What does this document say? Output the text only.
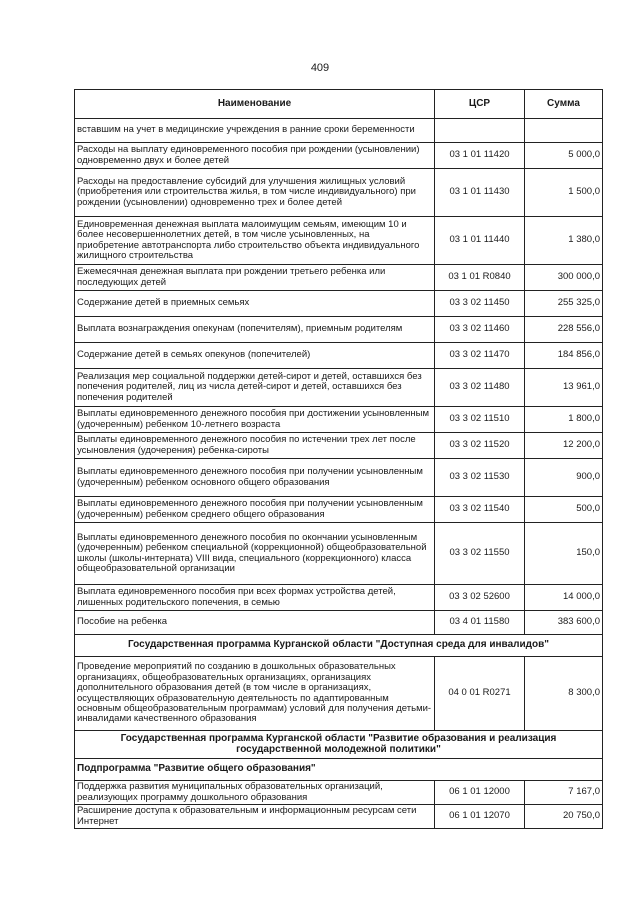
409
Наименование	ЦСР	Сумма
вставшим на учет в медицинские учреждения в ранние сроки беременности		
Расходы на выплату единовременного пособия при рождении (усыновлении) одновременно двух и более детей	03 1 01 11420	5 000,0
Расходы на предоставление субсидий для улучшения жилищных условий (приобретения или строительства жилья, в том числе индивидуального) при рождении (усыновлении) одновременно трех и более детей	03 1 01 11430	1 500,0
Единовременная денежная выплата малоимущим семьям, имеющим 10 и более несовершеннолетних детей, в том числе усыновленных, на приобретение автотранспорта либо строительство объекта индивидуального жилищного строительства	03 1 01 11440	1 380,0
Ежемесячная денежная выплата при рождении третьего ребенка или последующих детей	03 1 01 R0840	300 000,0
Содержание детей в приемных семьях	03 3 02 11450	255 325,0
Выплата вознаграждения опекунам (попечителям), приемным родителям	03 3 02 11460	228 556,0
Содержание детей в семьях опекунов (попечителей)	03 3 02 11470	184 856,0
Реализация мер социальной поддержки детей-сирот и детей, оставшихся без попечения родителей, лиц из числа детей-сирот и детей, оставшихся без попечения родителей	03 3 02 11480	13 961,0
Выплаты единовременного денежного пособия при достижении усыновленным (удочеренным) ребенком 10-летнего возраста	03 3 02 11510	1 800,0
Выплаты единовременного денежного пособия по истечении трех лет после усыновления (удочерения) ребенка-сироты	03 3 02 11520	12 200,0
Выплаты единовременного денежного пособия при получении усыновленным (удочеренным) ребенком основного общего образования	03 3 02 11530	900,0
Выплаты единовременного денежного пособия при получении усыновленным (удочеренным) ребенком среднего общего образования	03 3 02 11540	500,0
Выплаты единовременного денежного пособия по окончании усыновленным (удочеренным) ребенком специальной (коррекционной) общеобразовательной школы (школы-интерната) VIII вида, специального (коррекционного) класса общеобразовательной организации	03 3 02 11550	150,0
Выплата единовременного пособия при всех формах устройства детей, лишенных родительского попечения, в семью	03 3 02 52600	14 000,0
Пособие на ребенка	03 4 01 11580	383 600,0
Государственная программа Курганской области "Доступная среда для инвалидов"		
Проведение мероприятий по созданию в дошкольных образовательных организациях, общеобразовательных организациях, организациях дополнительного образования детей (в том числе в организациях, осуществляющих образовательную деятельность по адаптированным основным общеобразовательным программам) условий для получения детьми-инвалидами качественного образования	04 0 01 R0271	8 300,0
Государственная программа Курганской области "Развитие образования и реализация государственной молодежной политики"		
Подпрограмма "Развитие общего образования"		
Поддержка развития муниципальных образовательных организаций, реализующих программу дошкольного образования	06 1 01 12000	7 167,0
Расширение доступа к образовательным и информационным ресурсам сети Интернет	06 1 01 12070	20 750,0
